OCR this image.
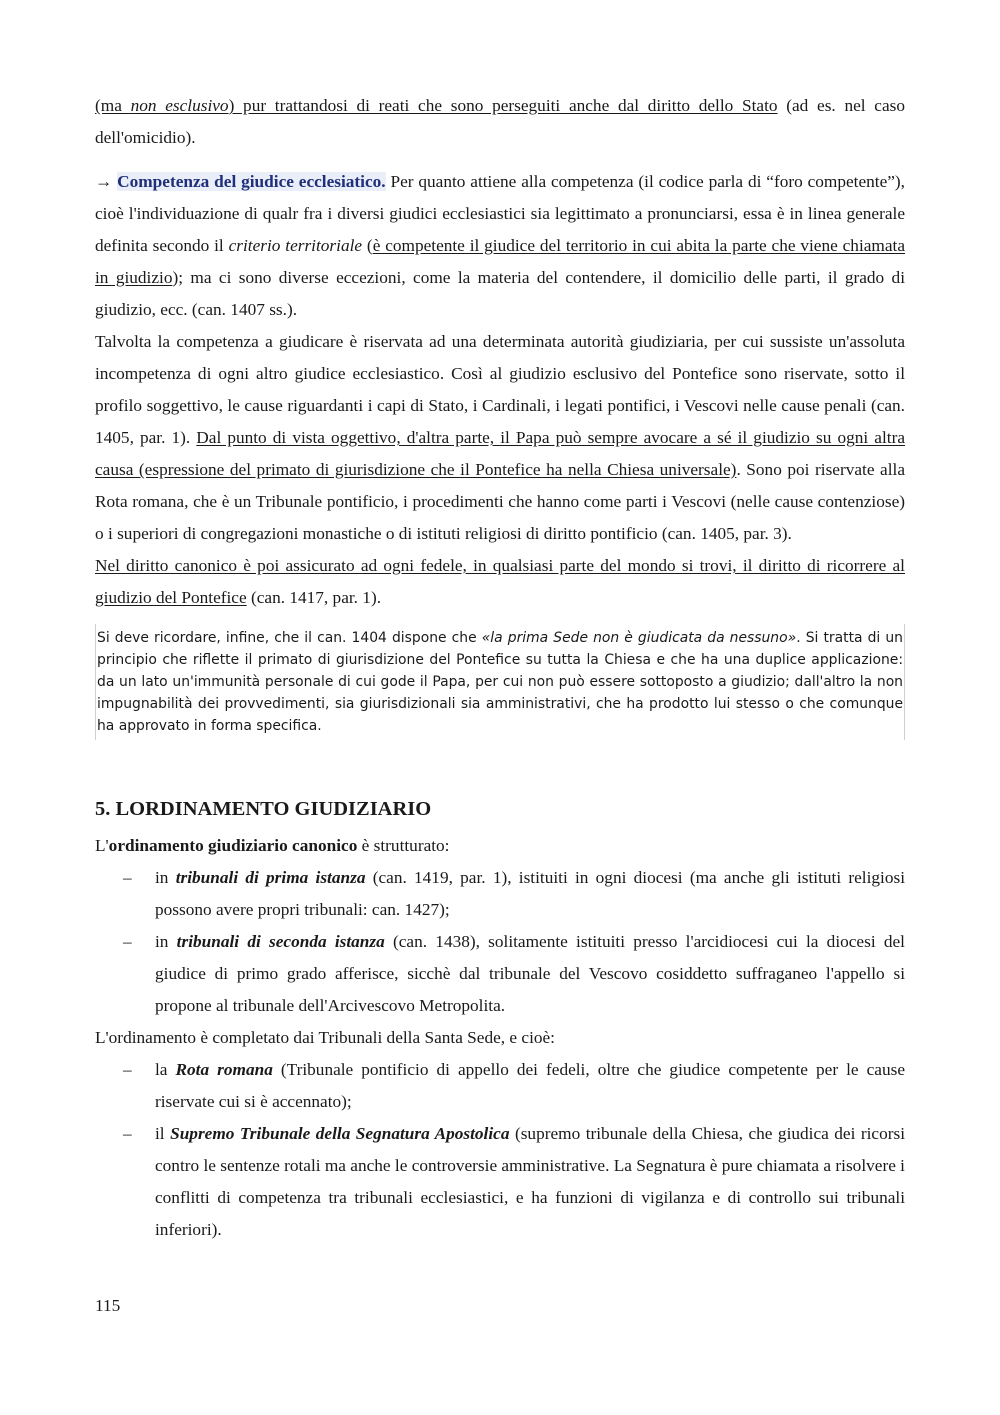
(ma non esclusivo) pur trattandosi di reati che sono perseguiti anche dal diritto dello Stato (ad es. nel caso dell'omicidio).

→ Competenza del giudice ecclesiatico. Per quanto attiene alla competenza (il codice parla di “foro competente”), cioè l'individuazione di qualr fra i diversi giudici ecclesiastici sia legittimato a pronunciarsi, essa è in linea generale definita secondo il criterio territoriale (è competente il giudice del territorio in cui abita la parte che viene chiamata in giudizio); ma ci sono diverse eccezioni, come la materia del contendere, il domicilio delle parti, il grado di giudizio, ecc. (can. 1407 ss.).

Talvolta la competenza a giudicare è riservata ad una determinata autorità giudiziaria, per cui sussiste un'assoluta incompetenza di ogni altro giudice ecclesiastico. Così al giudizio esclusivo del Pontefice sono riservate, sotto il profilo soggettivo, le cause riguardanti i capi di Stato, i Cardinali, i legati pontifici, i Vescovi nelle cause penali (can. 1405, par. 1). Dal punto di vista oggettivo, d'altra parte, il Papa può sempre avocare a sé il giudizio su ogni altra causa (espressione del primato di giurisdizione che il Pontefice ha nella Chiesa universale). Sono poi riservate alla Rota romana, che è un Tribunale pontificio, i procedimenti che hanno come parti i Vescovi (nelle cause contenziose) o i superiori di congregazioni monastiche o di istituti religiosi di diritto pontificio (can. 1405, par. 3).

Nel diritto canonico è poi assicurato ad ogni fedele, in qualsiasi parte del mondo si trovi, il diritto di ricorrere al giudizio del Pontefice (can. 1417, par. 1).

Si deve ricordare, infine, che il can. 1404 dispone che «la prima Sede non è giudicata da nessuno». Si tratta di un principio che riflette il primato di giurisdizione del Pontefice su tutta la Chiesa e che ha una duplice applicazione: da un lato un'immunità personale di cui gode il Papa, per cui non può essere sottoposto a giudizio; dall'altro la non impugnabilità dei provvedimenti, sia giurisdizionali sia amministrativi, che ha prodotto lui stesso o che comunque ha approvato in forma specifica.

5. LORDINAMENTO GIUDIZIARIO

L'ordinamento giudiziario canonico è strutturato:

– in tribunali di prima istanza (can. 1419, par. 1), istituiti in ogni diocesi (ma anche gli istituti religiosi possono avere propri tribunali: can. 1427);
– in tribunali di seconda istanza (can. 1438), solitamente istituiti presso l'arcidiocesi cui la diocesi del giudice di primo grado afferisce, sicchè dal tribunale del Vescovo cosiddetto suffraganeo l'appello si propone al tribunale dell'Arcivescovo Metropolita.

L'ordinamento è completato dai Tribunali della Santa Sede, e cioè:

– la Rota romana (Tribunale pontificio di appello dei fedeli, oltre che giudice competente per le cause riservate cui si è accennato);
– il Supremo Tribunale della Segnatura Apostolica (supremo tribunale della Chiesa, che giudica dei ricorsi contro le sentenze rotali ma anche le controversie amministrative. La Segnatura è pure chiamata a risolvere i conflitti di competenza tra tribunali ecclesiastici, e ha funzioni di vigilanza e di controllo sui tribunali inferiori).
115
